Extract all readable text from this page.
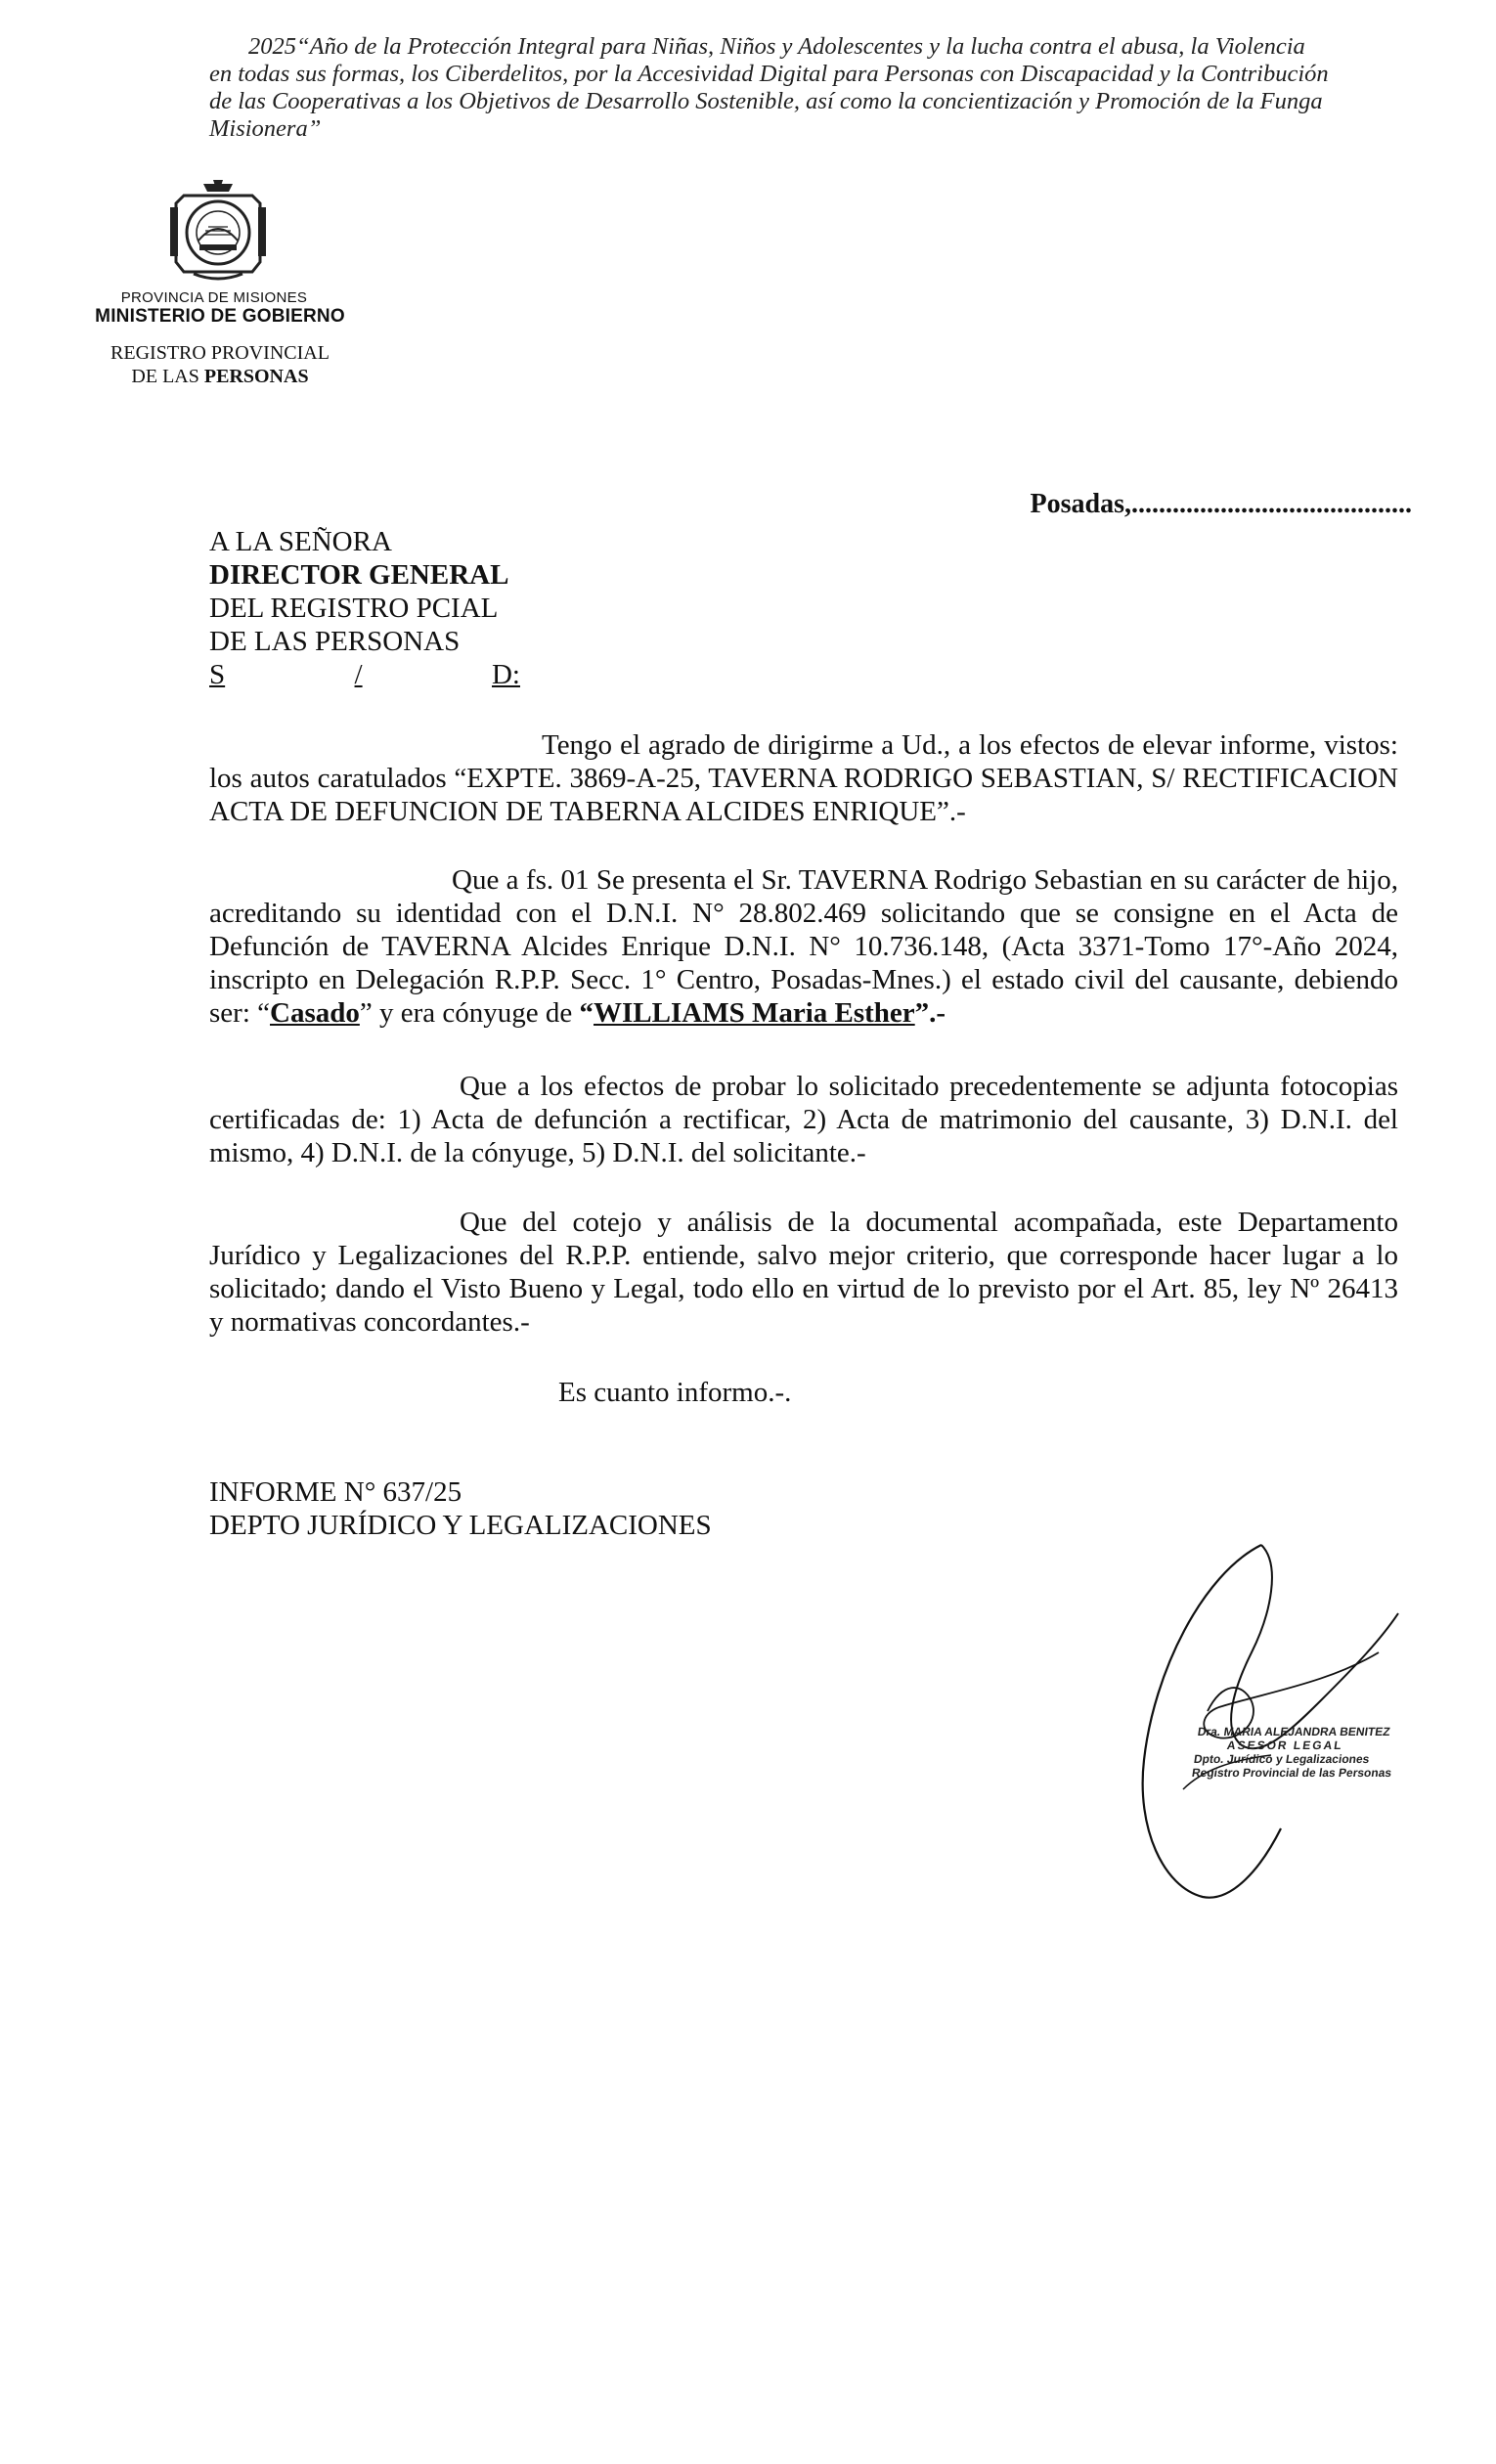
2025“Año de la Protección Integral para Niñas, Niños y Adolescentes y la lucha contra el abusa, la Violencia
en todas sus formas, los Ciberdelitos, por la Accesividad Digital para Personas con Discapacidad y la Contribución
de las Cooperativas a los Objetivos de Desarrollo Sostenible, así como la concientización y Promoción de la Funga
Misionera”
PROVINCIA DE MISIONES
MINISTERIO DE GOBIERNO
REGISTRO PROVINCIAL
DE LAS PERSONAS
Posadas,.........................................
A LA SEÑORA
DIRECTOR GENERAL
DEL REGISTRO PCIAL
DE LAS PERSONAS
S	/	D:
Tengo el agrado de dirigirme a Ud., a los efectos de elevar informe, vistos: los autos caratulados “EXPTE. 3869-A-25, TAVERNA RODRIGO SEBASTIAN, S/ RECTIFICACION ACTA DE DEFUNCION DE TABERNA ALCIDES ENRIQUE”.-
Que a fs. 01 Se presenta el Sr. TAVERNA Rodrigo Sebastian en su carácter de hijo, acreditando su identidad con el D.N.I. N° 28.802.469 solicitando que se consigne en el Acta de Defunción de TAVERNA Alcides Enrique D.N.I. N° 10.736.148, (Acta 3371-Tomo 17°-Año 2024, inscripto en Delegación R.P.P. Secc. 1° Centro, Posadas-Mnes.) el estado civil del causante, debiendo ser: “Casado” y era cónyuge de “WILLIAMS Maria Esther”.-
Que a los efectos de probar lo solicitado precedentemente se adjunta fotocopias certificadas de: 1) Acta de defunción a rectificar, 2) Acta de matrimonio del causante, 3) D.N.I. del mismo, 4) D.N.I. de la cónyuge, 5) D.N.I. del solicitante.-
Que del cotejo y análisis de la documental acompañada, este Departamento Jurídico y Legalizaciones del R.P.P. entiende, salvo mejor criterio, que corresponde hacer lugar a lo solicitado; dando el Visto Bueno y Legal, todo ello en virtud de lo previsto por el Art. 85, ley Nº 26413 y normativas concordantes.-
Es cuanto informo.-.
INFORME N° 637/25
DEPTO JURÍDICO Y LEGALIZACIONES
Dra. MARIA ALEJANDRA BENITEZ
ASESOR LEGAL
Dpto. Jurídico y Legalizaciones
Registro Provincial de las Personas
